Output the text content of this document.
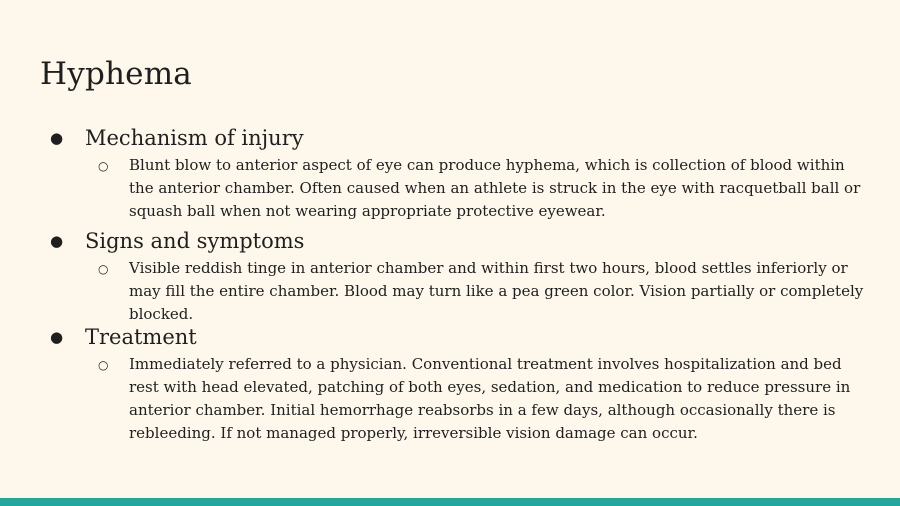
Hyphema
● Mechanism of injury
○ Blunt blow to anterior aspect of eye can produce hyphema, which is collection of blood within the anterior chamber. Often caused when an athlete is struck in the eye with racquetball ball or squash ball when not wearing appropriate protective eyewear.

● Signs and symptoms
○ Visible reddish tinge in anterior chamber and within first two hours, blood settles inferiorly or may fill the entire chamber. Blood may turn like a pea green color. Vision partially or completely blocked.

● Treatment
○ Immediately referred to a physician. Conventional treatment involves hospitalization and bed rest with head elevated, patching of both eyes, sedation, and medication to reduce pressure in anterior chamber. Initial hemorrhage reabsorbs in a few days, although occasionally there is rebleeding. If not managed properly, irreversible vision damage can occur.
